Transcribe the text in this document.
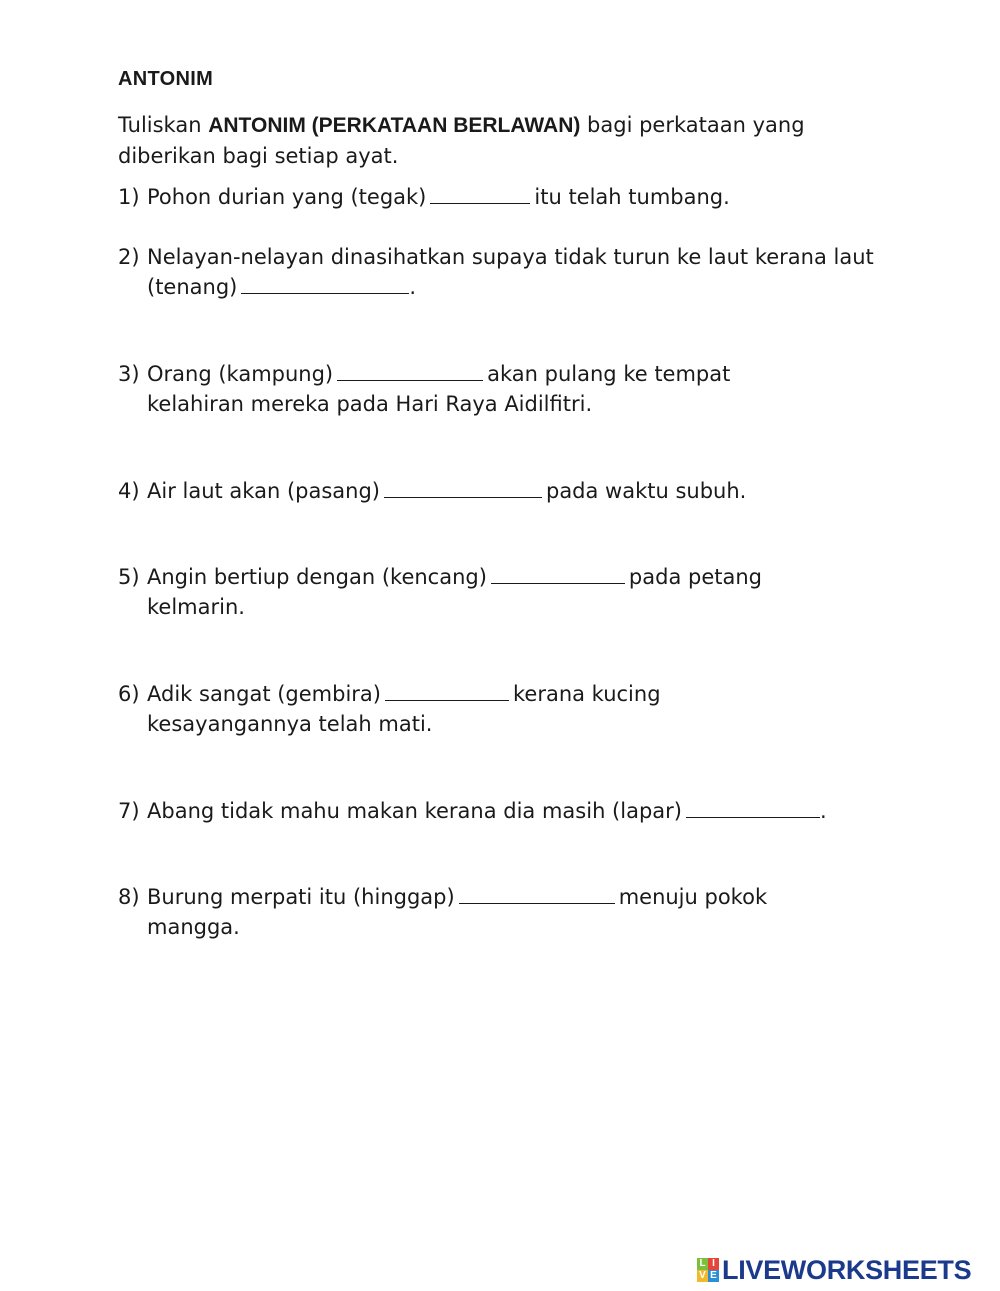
ANTONIM
Tuliskan ANTONIM (PERKATAAN BERLAWAN) bagi perkataan yang diberikan bagi setiap ayat.
1) Pohon durian yang (tegak)	itu telah tumbang.
2) Nelayan-nelayan dinasihatkan supaya tidak turun ke laut kerana laut (tenang)	.
3) Orang (kampung)	akan pulang ke tempat kelahiran mereka pada Hari Raya Aidilfitri.
4) Air laut akan (pasang)	pada waktu subuh.
5) Angin bertiup dengan (kencang)	pada petang kelmarin.
6) Adik sangat (gembira)	kerana kucing kesayangannya telah mati.
7) Abang tidak mahu makan kerana dia masih (lapar)	.
8) Burung merpati itu (hinggap)	menuju pokok mangga.
L I
V E LIVEWORKSHEETS
